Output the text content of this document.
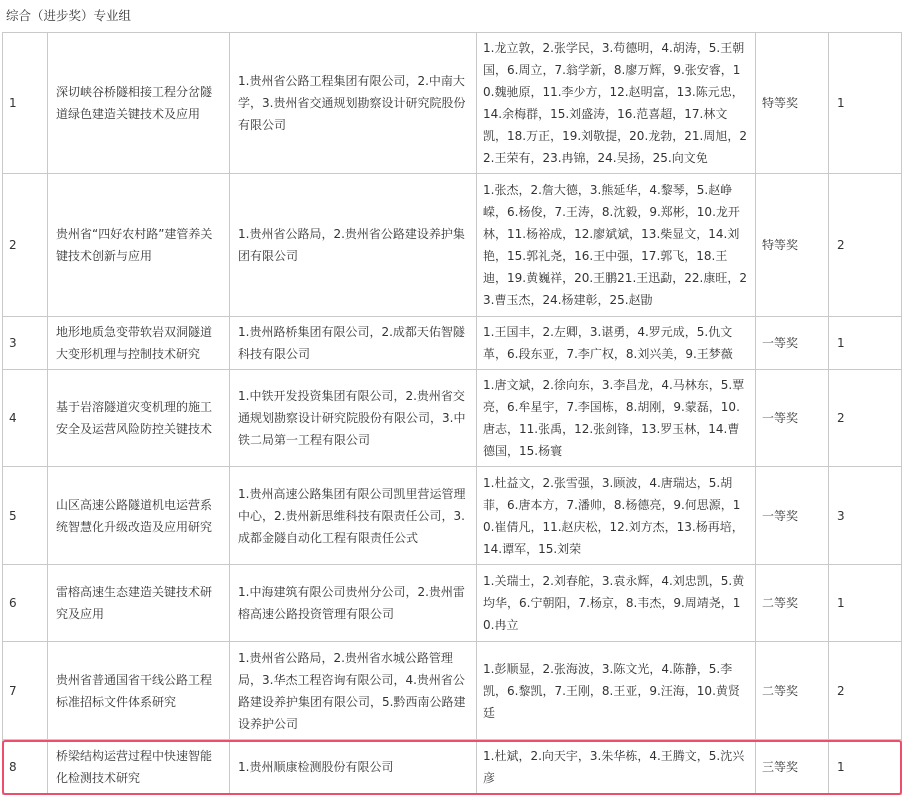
综合（进步奖）专业组
1	深切峡谷桥隧相接工程分岔隧道绿色建造关键技术及应用	1.贵州省公路工程集团有限公司，2.中南大学，3.贵州省交通规划勘察设计研究院股份有限公司	1.龙立敦，2.张学民，3.苟德明，4.胡涛，5.王朝国，6.周立，7.翁学新，8.廖万辉，9.张安睿，10.魏驰原，11.李少方，12.赵明富，13.陈元忠，14.余梅群，15.刘盛涛，16.范喜超，17.林文凯，18.万正，19.刘敬提，20.龙勃，21.周旭，22.王荣有，23.冉锦，24.吴扬，25.向文免	特等奖	1
2	贵州省“四好农村路”建管养关键技术创新与应用	1.贵州省公路局，2.贵州省公路建设养护集团有限公司	1.张杰，2.詹大德，3.熊延华，4.黎琴，5.赵峥嵘，6.杨俊，7.王涛，8.沈毅，9.郑彬，10.龙开林，11.杨裕成，12.廖斌斌，13.柴显文，14.刘艳，15.郭礼尧，16.王中强，17.郭飞，18.王迪，19.黄巍祥，20.王鹏21.王迅勐，22.康旺，23.曹玉杰，24.杨建彰，25.赵勖	特等奖	2
3	地形地质急变带软岩双洞隧道大变形机理与控制技术研究	1.贵州路桥集团有限公司，2.成都天佑智隧科技有限公司	1.王国丰，2.左卿，3.谌勇，4.罗元成，5.仇文革，6.段东亚，7.李广权，8.刘兴美，9.王梦薇	一等奖	1
4	基于岩溶隧道灾变机理的施工安全及运营风险防控关键技术	1.中铁开发投资集团有限公司，2.贵州省交通规划勘察设计研究院股份有限公司，3.中铁二局第一工程有限公司	1.唐文斌，2.徐向东，3.李昌龙，4.马林东，5.覃亮，6.牟星宇，7.李国栋，8.胡刚，9.蒙磊，10.唐志，11.张禹，12.张剑锋，13.罗玉林，14.曹德国，15.杨寰	一等奖	2
5	山区高速公路隧道机电运营系统智慧化升级改造及应用研究	1.贵州高速公路集团有限公司凯里营运管理中心，2.贵州新思维科技有限责任公司，3.成都金隧自动化工程有限责任公式	1.杜益文，2.张雪强，3.顾波，4.唐瑞达，5.胡菲，6.唐本方，7.潘帅，8.杨德亮，9.何思源，10.崔倩凡，11.赵庆松，12.刘方杰，13.杨再培，14.谭军，15.刘荣	一等奖	3
6	雷榕高速生态建造关键技术研究及应用	1.中海建筑有限公司贵州分公司，2.贵州雷榕高速公路投资管理有限公司	1.关瑞士，2.刘春舵，3.袁永辉，4.刘忠凯，5.黄均华，6.宁朝阳，7.杨京，8.韦杰，9.周靖尧，10.冉立	二等奖	1
7	贵州省普通国省干线公路工程标准招标文件体系研究	1.贵州省公路局，2.贵州省水城公路管理局，3.华杰工程咨询有限公司，4.贵州省公路建设养护集团有限公司，5.黔西南公路建设养护公司	1.彭顺显，2.张海波，3.陈文光，4.陈静，5.李凯，6.黎凯，7.王刚，8.王亚，9.汪海，10.黄贤廷	二等奖	2
8	桥梁结构运营过程中快速智能化检测技术研究	1.贵州顺康检测股份有限公司	1.杜斌，2.向天宇，3.朱华栋，4.王腾文，5.沈兴彦	三等奖	1
